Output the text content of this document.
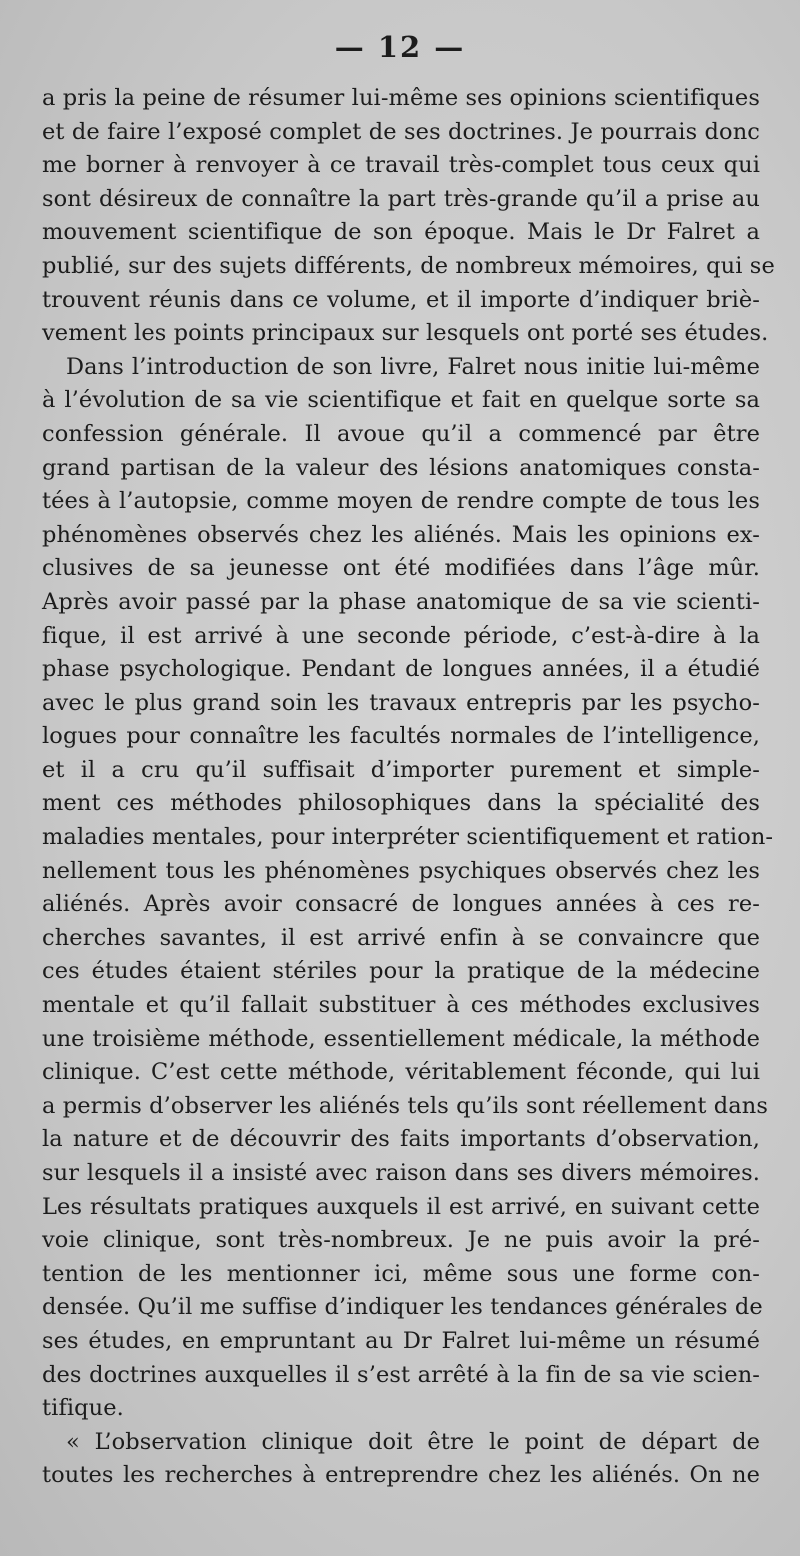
— 12 —
a pris la peine de résumer lui-même ses opinions scientifiques
et de faire l’exposé complet de ses doctrines. Je pourrais donc
me borner à renvoyer à ce travail très-complet tous ceux qui
sont désireux de connaître la part très-grande qu’il a prise au
mouvement scientifique de son époque. Mais le Dr Falret a
publié, sur des sujets différents, de nombreux mémoires, qui se
trouvent réunis dans ce volume, et il importe d’indiquer briè-
vement les points principaux sur lesquels ont porté ses études.
Dans l’introduction de son livre, Falret nous initie lui-même
à l’évolution de sa vie scientifique et fait en quelque sorte sa
confession générale. Il avoue qu’il a commencé par être
grand partisan de la valeur des lésions anatomiques consta-
tées à l’autopsie, comme moyen de rendre compte de tous les
phénomènes observés chez les aliénés. Mais les opinions ex-
clusives de sa jeunesse ont été modifiées dans l’âge mûr.
Après avoir passé par la phase anatomique de sa vie scienti-
fique, il est arrivé à une seconde période, c’est-à-dire à la
phase psychologique. Pendant de longues années, il a étudié
avec le plus grand soin les travaux entrepris par les psycho-
logues pour connaître les facultés normales de l’intelligence,
et il a cru qu’il suffisait d’importer purement et simple-
ment ces méthodes philosophiques dans la spécialité des
maladies mentales, pour interpréter scientifiquement et ration-
nellement tous les phénomènes psychiques observés chez les
aliénés. Après avoir consacré de longues années à ces re-
cherches savantes, il est arrivé enfin à se convaincre que
ces études étaient stériles pour la pratique de la médecine
mentale et qu’il fallait substituer à ces méthodes exclusives
une troisième méthode, essentiellement médicale, la méthode
clinique. C’est cette méthode, véritablement féconde, qui lui
a permis d’observer les aliénés tels qu’ils sont réellement dans
la nature et de découvrir des faits importants d’observation,
sur lesquels il a insisté avec raison dans ses divers mémoires.
Les résultats pratiques auxquels il est arrivé, en suivant cette
voie clinique, sont très-nombreux. Je ne puis avoir la pré-
tention de les mentionner ici, même sous une forme con-
densée. Qu’il me suffise d’indiquer les tendances générales de
ses études, en empruntant au Dr Falret lui-même un résumé
des doctrines auxquelles il s’est arrêté à la fin de sa vie scien-
tifique.
« L’observation clinique doit être le point de départ de
toutes les recherches à entreprendre chez les aliénés. On ne
